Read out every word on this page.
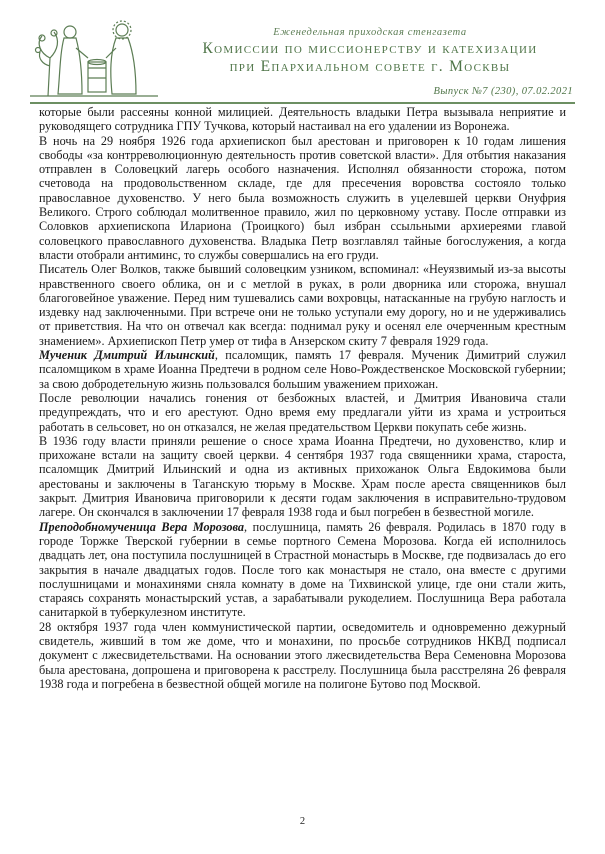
Еженедельная приходская стенгазета
Комиссии по миссионерству и катехизации
при Епархиальном совете г. Москвы
Выпуск №7 (230), 07.02.2021

которые были рассеяны конной милицией. Деятельность владыки Петра вызывала неприятие и руководящего сотрудника ГПУ Тучкова, который настаивал на его удалении из Воронежа.

В ночь на 29 ноября 1926 года архиепископ был арестован и приговорен к 10 годам лишения свободы «за контрреволюционную деятельность против советской власти». Для отбытия наказания отправлен в Соловецкий лагерь особого назначения. Исполнял обязанности сторожа, потом счетовода на продовольственном складе, где для пресечения воровства состояло только православное духовенство. У него была возможность служить в уцелевшей церкви Онуфрия Великого. Строго соблюдал молитвенное правило, жил по церковному уставу. После отправки из Соловков архиепископа Илариона (Троицкого) был избран ссыльными архиереями главой соловецкого православного духовенства. Владыка Петр возглавлял тайные богослужения, а когда власти отобрали антиминс, то службы совершались на его груди.

Писатель Олег Волков, также бывший соловецким узником, вспоминал: «Неуязвимый из-за высоты нравственного своего облика, он и с метлой в руках, в роли дворника или сторожа, внушал благоговейное уважение. Перед ним тушевались сами вохровцы, натасканные на грубую наглость и издевку над заключенными. При встрече они не только уступали ему дорогу, но и не удерживались от приветствия. На что он отвечал как всегда: поднимал руку и осенял еле очерченным крестным знамением». Архиепископ Петр умер от тифа в Анзерском скиту 7 февраля 1929 года.

Мученик Дмитрий Ильинский, псаломщик, память 17 февраля. Мученик Димитрий служил псаломщиком в храме Иоанна Предтечи в родном селе Ново-Рождественское Московской губернии; за свою добродетельную жизнь пользовался большим уважением прихожан.

После революции начались гонения от безбожных властей, и Дмитрия Ивановича стали предупреждать, что и его арестуют. Одно время ему предлагали уйти из храма и устроиться работать в сельсовет, но он отказался, не желая предательством Церкви покупать себе жизнь.

В 1936 году власти приняли решение о сносе храма Иоанна Предтечи, но духовенство, клир и прихожане встали на защиту своей церкви. 4 сентября 1937 года священники храма, староста, псаломщик Дмитрий Ильинский и одна из активных прихожанок Ольга Евдокимова были арестованы и заключены в Таганскую тюрьму в Москве. Храм после ареста священников был закрыт. Дмитрия Ивановича приговорили к десяти годам заключения в исправительно-трудовом лагере. Он скончался в заключении 17 февраля 1938 года и был погребен в безвестной могиле.

Преподобномученица Вера Морозова, послушница, память 26 февраля. Родилась в 1870 году в городе Торжке Тверской губернии в семье портного Семена Морозова. Когда ей исполнилось двадцать лет, она поступила послушницей в Страстной монастырь в Москве, где подвизалась до его закрытия в начале двадцатых годов. После того как монастыря не стало, она вместе с другими послушницами и монахинями сняла комнату в доме на Тихвинской улице, где они стали жить, стараясь сохранять монастырский устав, а зарабатывали рукоделием. Послушница Вера работала санитаркой в туберкулезном институте.

28 октября 1937 года член коммунистической партии, осведомитель и одновременно дежурный свидетель, живший в том же доме, что и монахини, по просьбе сотрудников НКВД подписал документ с лжесвидетельствами. На основании этого лжесвидетельства Вера Семеновна Морозова была арестована, допрошена и приговорена к расстрелу. Послушница была расстреляна 26 февраля 1938 года и погребена в безвестной общей могиле на полигоне Бутово под Москвой.

2
